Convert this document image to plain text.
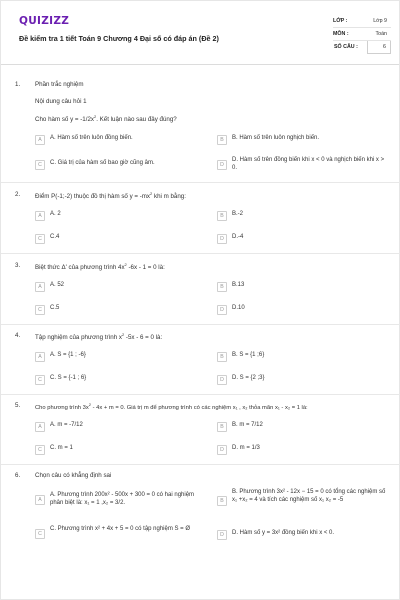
QUIZIZZ
Đề kiểm tra 1 tiết Toán 9 Chương 4 Đại số có đáp án (Đề 2)
LỚP :	Lớp 9
MÔN :	Toán
SỐ CÂU :	6
1. Phần trắc nghiệm
Nội dung câu hỏi 1
Cho hàm số $y = -1/2x^2$. Kết luận nào sau đây đúng?
A	A. Hàm số trên luôn đồng biến.	B	B. Hàm số trên luôn nghịch biến.
C	C. Giá trị của hàm số bao giờ cũng âm.	D
D. Hàm số trên đồng biến khi x < 0 và nghịch biến khi x > 0.
2. Điểm P(-1;-2) thuộc đồ thị hàm số $y = -mx^2$ khi m bằng:
A	A. 2	B	B.-2
C	C.4	D	D.-4
3. Biệt thức Δ' của phương trình $4x^2$ -6x - 1 = 0 là:
A	A. 52	B	B.13
C	C.5	D	D.10
4. Tập nghiệm của phương trình $x^2$ -5x - 6 = 0 là:
A	A. S = {1 ; -6}	B	B. S = {1 ;6}
C	C. S = {-1 ; 6}	D	D. S = {2 ;3}
5.	Cho phương trình $3x^2 - 4x + m = 0$. Giá trị m để phương trình có các nghiệm x₁ , x₂ thỏa mãn x₁ - x₂ = 1 là:
A	A. m = -7/12	B	B. m = 7/12
C	C. m = 1	D	D. m = 1/3
6. Chọn câu có khẳng định sai
A
A. Phương trình 200x² - 500x + 300 = 0 có hai nghiệm phân biệt là: x₁ = 1 ,x₂ = 3/2.	B
B. Phương trình 3x² - 12x − 15 = 0 có tổng các nghiệm số x₁ +x₂ = 4 và tích các nghiệm số x₁ x₂ = -5
C
C. Phương trình x² + 4x + 5 = 0 có tập nghiệm S = Ø
D	D. Hàm số y = 3x² đồng biến khi x < 0.
